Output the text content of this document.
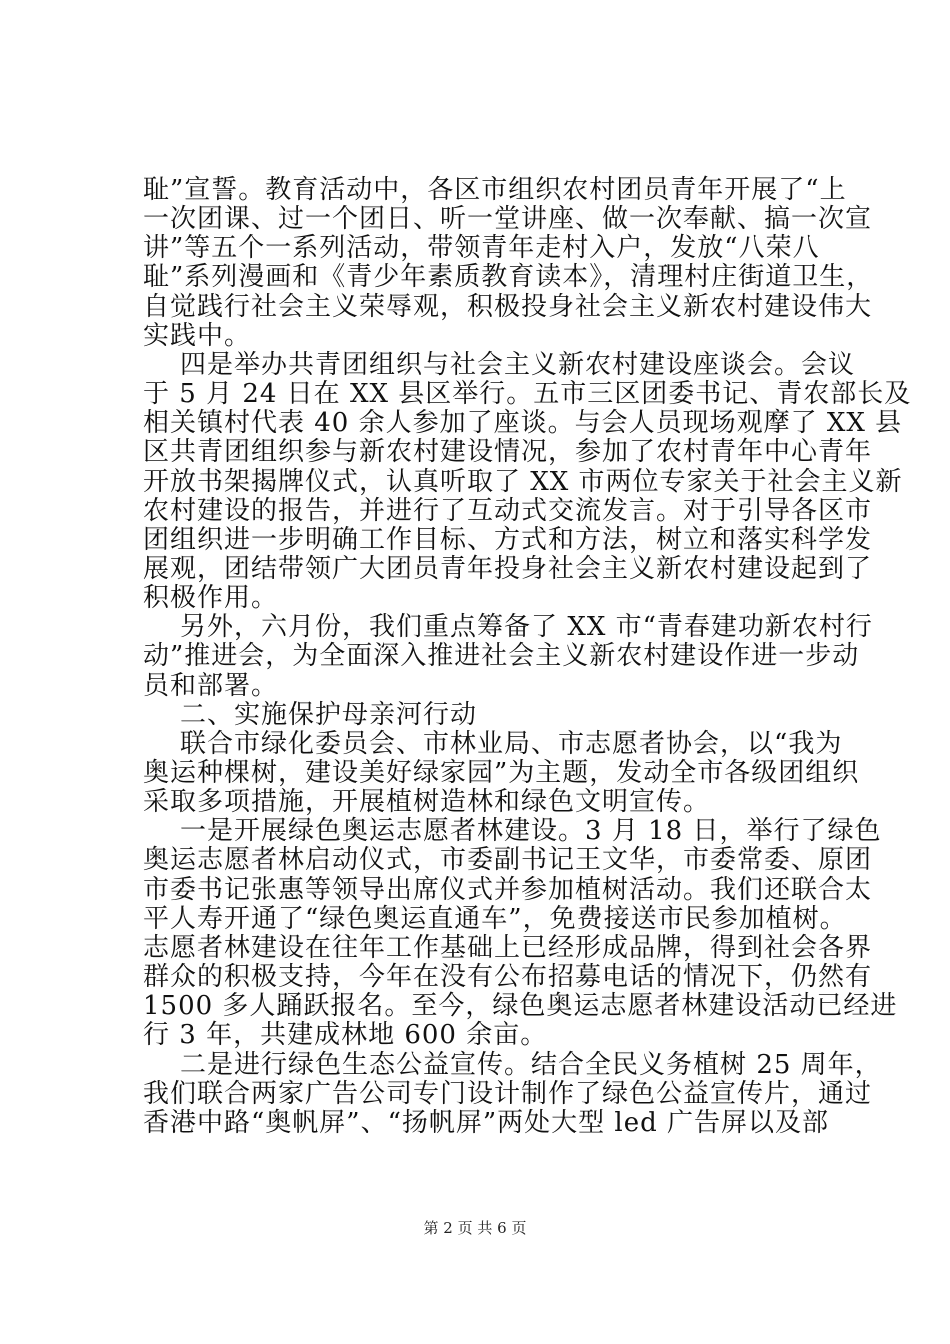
耻”宣誓。教育活动中，各区市组织农村团员青年开展了“上
一次团课、过一个团日、听一堂讲座、做一次奉献、搞一次宣
讲”等五个一系列活动，带领青年走村入户，发放“八荣八
耻”系列漫画和《青少年素质教育读本》，清理村庄街道卫生，
自觉践行社会主义荣辱观，积极投身社会主义新农村建设伟大
实践中。
四是举办共青团组织与社会主义新农村建设座谈会。会议
于 5 月 24 日在 XX 县区举行。五市三区团委书记、青农部长及
相关镇村代表 40 余人参加了座谈。与会人员现场观摩了 XX 县
区共青团组织参与新农村建设情况，参加了农村青年中心青年
开放书架揭牌仪式，认真听取了 XX 市两位专家关于社会主义新
农村建设的报告，并进行了互动式交流发言。对于引导各区市
团组织进一步明确工作目标、方式和方法，树立和落实科学发
展观，团结带领广大团员青年投身社会主义新农村建设起到了
积极作用。
另外，六月份，我们重点筹备了 XX 市“青春建功新农村行
动”推进会，为全面深入推进社会主义新农村建设作进一步动
员和部署。
二、实施保护母亲河行动
联合市绿化委员会、市林业局、市志愿者协会，以“我为
奥运种棵树，建设美好绿家园”为主题，发动全市各级团组织
采取多项措施，开展植树造林和绿色文明宣传。
一是开展绿色奥运志愿者林建设。3 月 18 日，举行了绿色
奥运志愿者林启动仪式，市委副书记王文华，市委常委、原团
市委书记张惠等领导出席仪式并参加植树活动。我们还联合太
平人寿开通了“绿色奥运直通车”，免费接送市民参加植树。
志愿者林建设在往年工作基础上已经形成品牌，得到社会各界
群众的积极支持，今年在没有公布招募电话的情况下，仍然有
1500 多人踊跃报名。至今，绿色奥运志愿者林建设活动已经进
行 3 年，共建成林地 600 余亩。
二是进行绿色生态公益宣传。结合全民义务植树 25 周年，
我们联合两家广告公司专门设计制作了绿色公益宣传片，通过
香港中路“奥帆屏”、“扬帆屏”两处大型 led 广告屏以及部
第 2 页 共 6 页
